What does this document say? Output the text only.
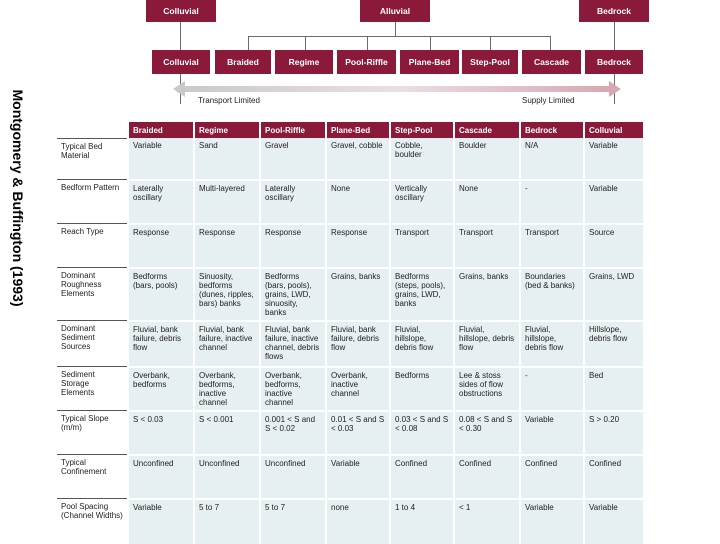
Montgomery & Buffington (1993)
Colluvial	Alluvial	Bedrock
Colluvial	Braided	Regime	Pool-Riffle	Plane-Bed	Step-Pool	Cascade	Bedrock
Transport Limited	Supply Limited
	Braided	Regime	Pool-Riffle	Plane-Bed	Step-Pool	Cascade	Bedrock	Colluvial
Typical Bed Material	Variable	Sand	Gravel	Gravel, cobble	Cobble, boulder	Boulder	N/A	Variable
Bedform Pattern	Laterally oscillary	Multi-layered	Laterally oscillary	None	Vertically oscillary	None	-	Variable
Reach Type	Response	Response	Response	Response	Transport	Transport	Transport	Source
Dominant Roughness Elements	Bedforms (bars, pools)	Sinuosity, bedforms (dunes, ripples, bars) banks	Bedforms (bars, pools), grains, LWD, sinuosity, banks	Grains, banks	Bedforms (steps, pools), grains, LWD, banks	Grains, banks	Boundaries (bed & banks)	Grains, LWD
Dominant Sediment Sources	Fluvial, bank failure, debris flow	Fluvial, bank failure, inactive channel	Fluvial, bank failure, inactive channel, debris flows	Fluvial, bank failure, debris flow	Fluvial, hillslope, debris flow	Fluvial, hillslope, debris flow	Fluvial, hillslope, debris flow	Hillslope, debris flow
Sediment Storage Elements	Overbank, bedforms	Overbank, bedforms, inactive channel	Overbank, bedforms, inactive channel	Overbank, inactive channel	Bedforms	Lee & stoss sides of flow obstructions	-	Bed
Typical Slope (m/m)	S < 0.03	S < 0.001	0.001 < S and S < 0.02	0.01 < S and S < 0.03	0.03 < S and S < 0.08	0.08 < S and S < 0.30	Variable	S > 0.20
Typical Confinement	Unconfined	Unconfined	Unconfined	Variable	Confined	Confined	Confined	Confined
Pool Spacing (Channel Widths)	Variable	5 to 7	5 to 7	none	1 to 4	< 1	Variable	Variable
